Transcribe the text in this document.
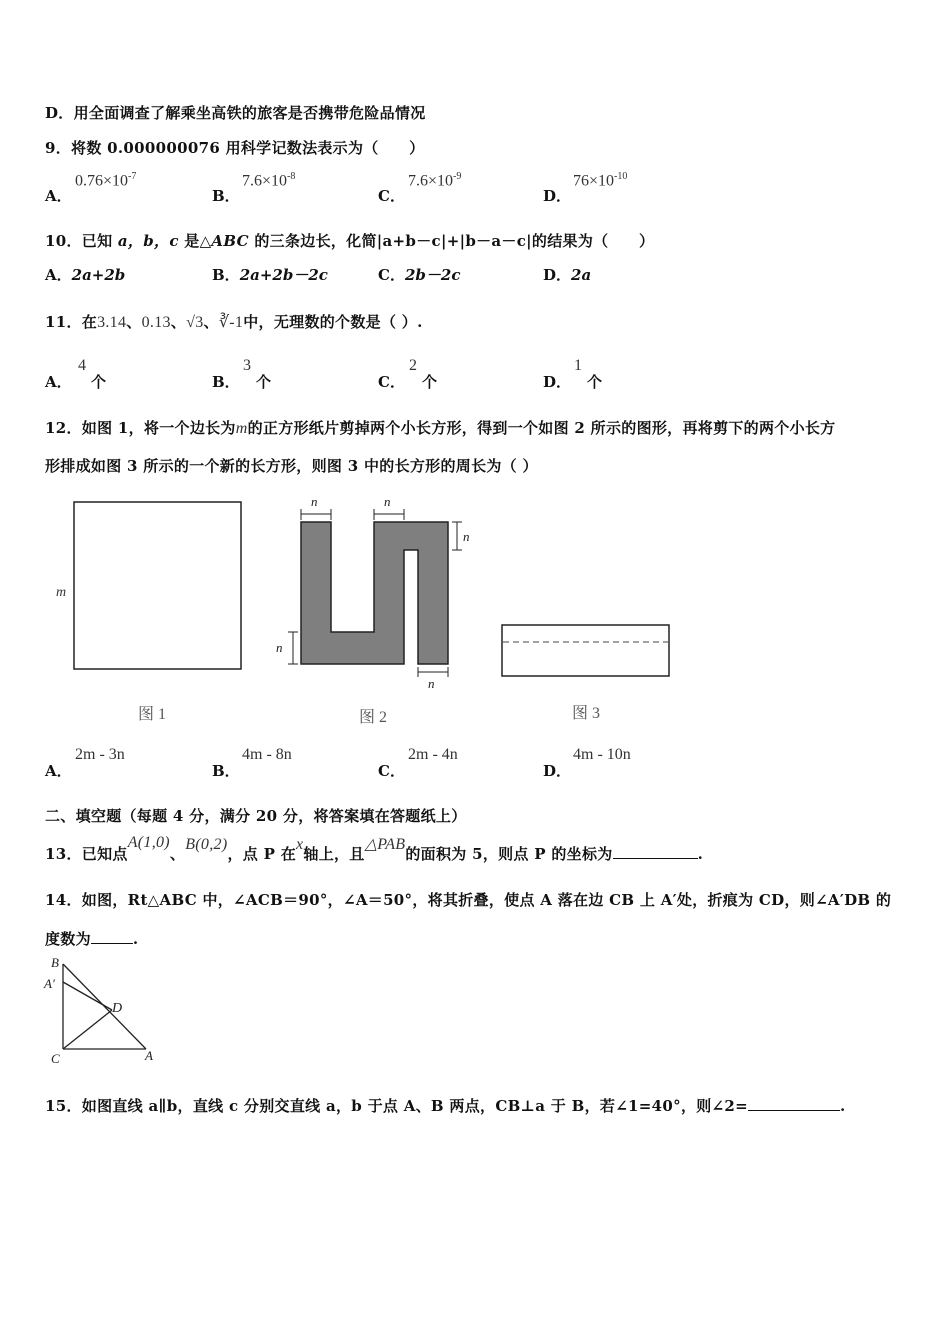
D．用全面调查了解乘坐高铁的旅客是否携带危险品情况
9．将数 0.000000076 用科学记数法表示为（　　）
A．
$0.76\times 10^{-7}$
B．
$7.6\times 10^{-8}$
C．
$7.6\times 10^{-9}$
D．
$76\times 10^{-10}$
10．已知 a，b，c 是△ABC 的三条边长，化简|a+b－c|+|b－a－c|的结果为（　　）
A．2a+2b	B．2a+2b－2c	C．2b－2c	D．2a
11．在3.14、0.13、√3、∛-1中，无理数的个数是（ ）.
A．
4
个	B．
3
个	C．
2
个	D．
1
个
12．如图 1，将一个边长为m的正方形纸片剪掉两个小长方形，得到一个如图 2 所示的图形，再将剪下的两个小长方
形排成如图 3 所示的一个新的长方形，则图 3 中的长方形的周长为（ ）
m
图 1
n	n
n
n
n
图 2	图 3
A．
2m - 3n
B．
4m - 8n
C．
2m - 4n
D．
4m - 10n
二、填空题（每题 4 分，满分 20 分，将答案填在答题纸上）
13．已知点A(1,0)、B(0,2)，点 P 在x轴上，且△PAB的面积为 5，则点 P 的坐标为	.
14．如图，Rt△ABC 中，∠ACB＝90°，∠A＝50°，将其折叠，使点 A 落在边 CB 上 A′处，折痕为 CD，则∠A′DB 的
度数为	.
B
A′
D
C	A
15．如图直线 a∥b，直线 c 分别交直线 a，b 于点 A、B 两点，CB⊥a 于 B，若∠1=40°，则∠2=	.
